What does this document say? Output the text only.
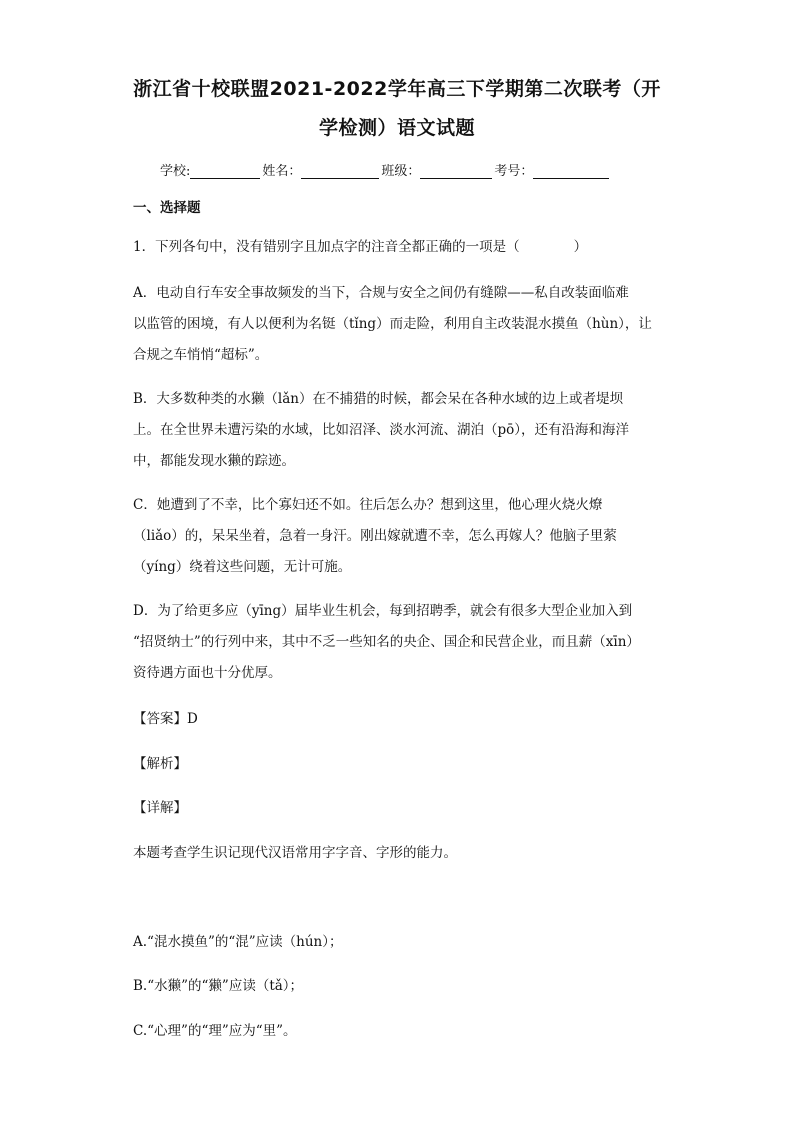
浙江省十校联盟2021-2022学年高三下学期第二次联考（开
学检测）语文试题
学校:	姓名：	班级：	考号：
一、选择题
1．下列各句中，没有错别字且加点字的注音全都正确的一项是（　　　　）
A．电动自行车安全事故频发的当下，合规与安全之间仍有缝隙——私自改装面临难
以监管的困境，有人以便利为名铤（tǐng）而走险，利用自主改装混水摸鱼（hùn），让
合规之车悄悄“超标”。
B．大多数种类的水獭（lǎn）在不捕猎的时候，都会呆在各种水域的边上或者堤坝
上。在全世界未遭污染的水域，比如沼泽、淡水河流、湖泊（pō），还有沿海和海洋
中，都能发现水獭的踪迹。
C．她遭到了不幸，比个寡妇还不如。往后怎么办？想到这里，他心理火烧火燎
（liǎo）的，呆呆坐着，急着一身汗。刚出嫁就遭不幸，怎么再嫁人？他脑子里萦
（yíng）绕着这些问题，无计可施。
D．为了给更多应（yīng）届毕业生机会，每到招聘季，就会有很多大型企业加入到
“招贤纳士”的行列中来，其中不乏一些知名的央企、国企和民营企业，而且薪（xīn）
资待遇方面也十分优厚。
【答案】D
【解析】
【详解】
本题考查学生识记现代汉语常用字字音、字形的能力。
A.“混水摸鱼”的“混”应读（hún）；
B.“水獭”的“獭”应读（tǎ）；
C.“心理”的“理”应为“里”。
